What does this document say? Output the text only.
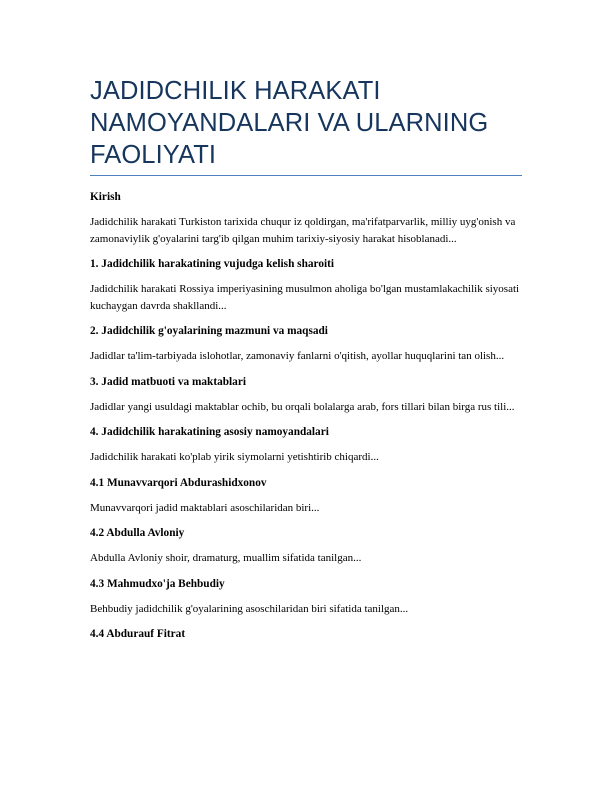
JADIDCHILIK HARAKATI NAMOYANDALARI VA ULARNING FAOLIYATI
Kirish
Jadidchilik harakati Turkiston tarixida chuqur iz qoldirgan, ma'rifatparvarlik, milliy uyg'onish va zamonaviylik g'oyalarini targ'ib qilgan muhim tarixiy-siyosiy harakat hisoblanadi...
1. Jadidchilik harakatining vujudga kelish sharoiti
Jadidchilik harakati Rossiya imperiyasining musulmon aholiga bo'lgan mustamlakachilik siyosati kuchaygan davrda shakllandi...
2. Jadidchilik g'oyalarining mazmuni va maqsadi
Jadidlar ta'lim-tarbiyada islohotlar, zamonaviy fanlarni o'qitish, ayollar huquqlarini tan olish...
3. Jadid matbuoti va maktablari
Jadidlar yangi usuldagi maktablar ochib, bu orqali bolalarga arab, fors tillari bilan birga rus tili...
4. Jadidchilik harakatining asosiy namoyandalari
Jadidchilik harakati ko'plab yirik siymolarni yetishtirib chiqardi...
4.1 Munavvarqori Abdurashidxonov
Munavvarqori jadid maktablari asoschilaridan biri...
4.2 Abdulla Avloniy
Abdulla Avloniy shoir, dramaturg, muallim sifatida tanilgan...
4.3 Mahmudxo'ja Behbudiy
Behbudiy jadidchilik g'oyalarining asoschilaridan biri sifatida tanilgan...
4.4 Abdurauf Fitrat
